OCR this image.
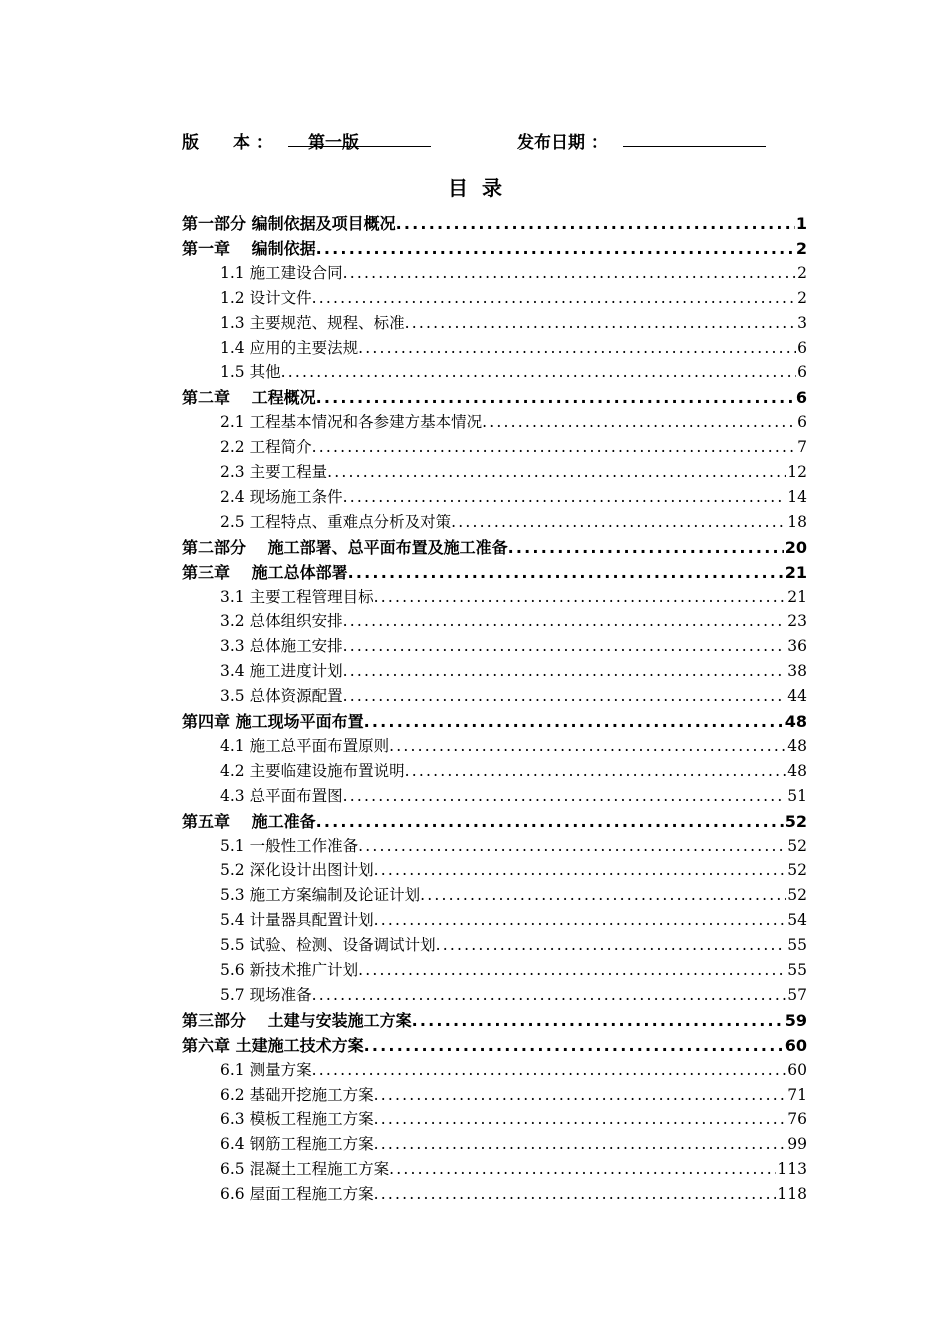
版　　本 ： 第一版	发布日期 ：
目录
第一部分 编制依据及项目概况 .....	1
第一章　 编制依据 .....	2
1.1 施工建设合同 .....	2
1.2 设计文件 .....	2
1.3 主要规范、规程、标准 .....	3
1.4 应用的主要法规 .....	6
1.5 其他 .....	6
第二章　 工程概况 .....	6
2.1 工程基本情况和各参建方基本情况 .....	6
2.2 工程简介 .....	7
2.3 主要工程量 .....	12
2.4 现场施工条件 .....	14
2.5 工程特点、重难点分析及对策 .....	18
第二部分　 施工部署、总平面布置及施工准备 .....	20
第三章　 施工总体部署 .....	21
3.1 主要工程管理目标 .....	21
3.2 总体组织安排 .....	23
3.3 总体施工安排 .....	36
3.4 施工进度计划 .....	38
3.5 总体资源配置 .....	44
第四章 施工现场平面布置 .....	48
4.1 施工总平面布置原则 .....	48
4.2 主要临建设施布置说明 .....	48
4.3 总平面布置图 .....	51
第五章　 施工准备 .....	52
5.1 一般性工作准备 .....	52
5.2 深化设计出图计划 .....	52
5.3 施工方案编制及论证计划 .....	52
5.4 计量器具配置计划 .....	54
5.5 试验、检测、设备调试计划 .....	55
5.6 新技术推广计划 .....	55
5.7 现场准备 .....	57
第三部分　 土建与安装施工方案 .....	59
第六章 土建施工技术方案 .....	60
6.1 测量方案 .....	60
6.2 基础开挖施工方案 .....	71
6.3 模板工程施工方案 .....	76
6.4 钢筋工程施工方案 .....	99
6.5 混凝土工程施工方案 .....	113
6.6 屋面工程施工方案 .....	118
